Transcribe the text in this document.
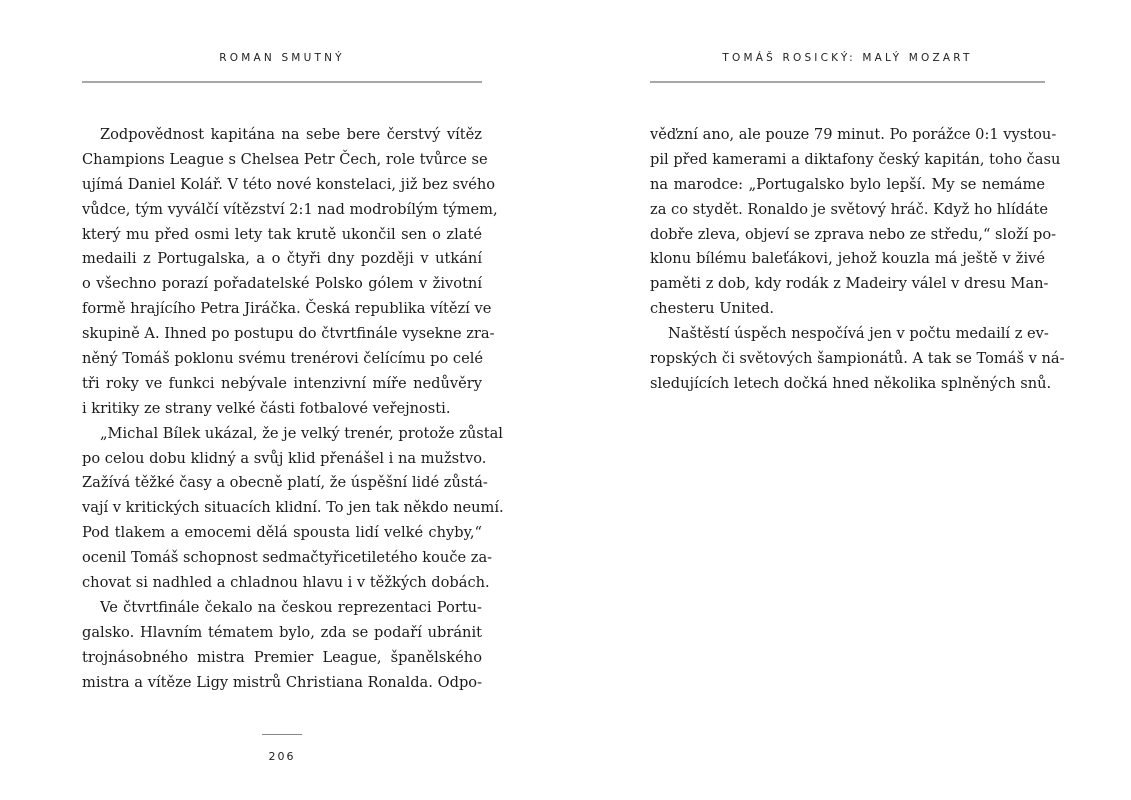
ROMAN SMUTNÝ
Zodpovědnost kapitána na sebe bere čerstvý vítěz
Champions League s Chelsea Petr Čech, role tvůrce se
ujímá Daniel Kolář. V této nové konstelaci, již bez svého
vůdce, tým vyválčí vítězství 2:1 nad modrobílým týmem,
který mu před osmi lety tak krutě ukončil sen o zlaté
medaili z Portugalska, a o čtyři dny později v utkání
o všechno porazí pořadatelské Polsko gólem v životní
formě hrajícího Petra Jiráčka. Česká republika vítězí ve
skupině A. Ihned po postupu do čtvrtfinále vysekne zra-
něný Tomáš poklonu svému trenérovi čelícímu po celé
tři roky ve funkci nebývale intenzivní míře nedůvěry
i kritiky ze strany velké části fotbalové veřejnosti.
„Michal Bílek ukázal, že je velký trenér, protože zůstal
po celou dobu klidný a svůj klid přenášel i na mužstvo.
Zažívá těžké časy a obecně platí, že úspěšní lidé zůstá-
vají v kritických situacích klidní. To jen tak někdo neumí.
Pod tlakem a emocemi dělá spousta lidí velké chyby,“
ocenil Tomáš schopnost sedmačtyřicetiletého kouče za-
chovat si nadhled a chladnou hlavu i v těžkých dobách.
Ve čtvrtfinále čekalo na českou reprezentaci Portu-
galsko. Hlavním tématem bylo, zda se podaří ubránit
trojnásobného mistra Premier League, španělského
mistra a vítěze Ligy mistrů Christiana Ronalda. Odpo-
206
TOMÁŠ ROSICKÝ: MALÝ MOZART
věďzní ano, ale pouze 79 minut. Po porážce 0:1 vystou-
pil před kamerami a diktafony český kapitán, toho času
na marodce: „Portugalsko bylo lepší. My se nemáme
za co stydět. Ronaldo je světový hráč. Když ho hlídáte
dobře zleva, objeví se zprava nebo ze středu,“ složí po-
klonu bílému baleťákovi, jehož kouzla má ještě v živé
paměti z dob, kdy rodák z Madeiry válel v dresu Man-
chesteru United.
Naštěstí úspěch nespočívá jen v počtu medailí z ev-
ropských či světových šampionátů. A tak se Tomáš v ná-
sledujících letech dočká hned několika splněných snů.
